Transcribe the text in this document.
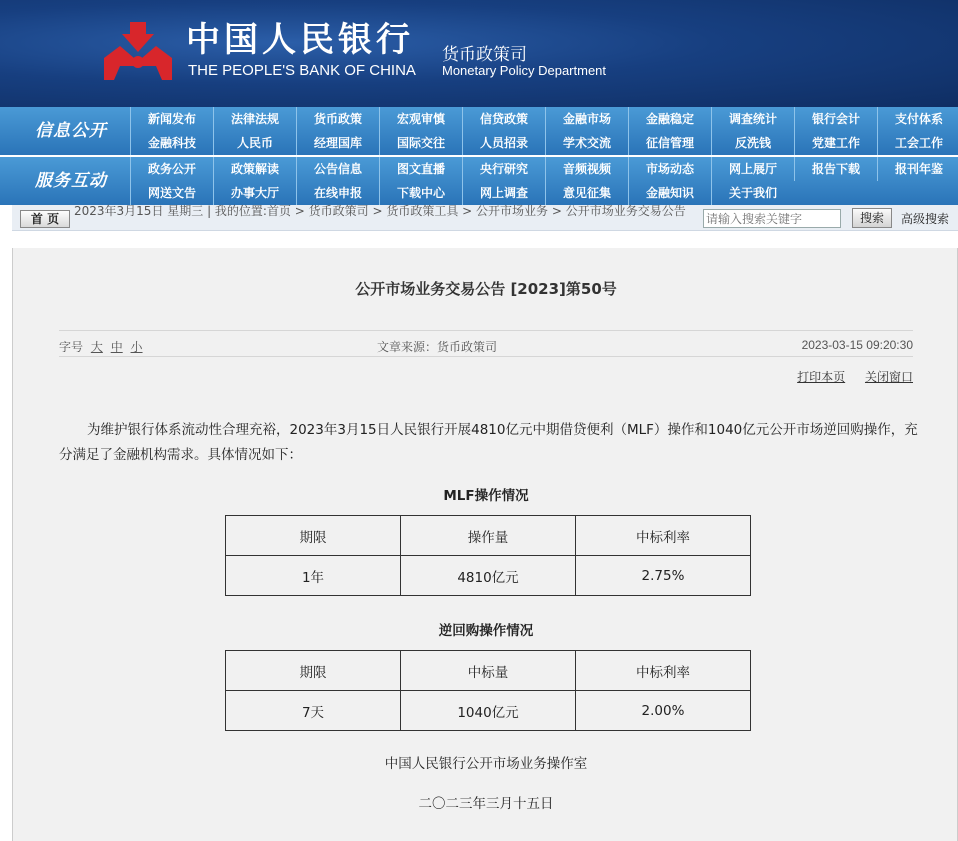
中国人民银行
THE PEOPLE'S BANK OF CHINA
货币政策司
Monetary Policy Department
信息公开
新闻发布	法律法规	货币政策	宏观审慎	信贷政策	金融市场	金融稳定	调查统计	银行会计	支付体系
金融科技	人民币	经理国库	国际交往	人员招录	学术交流	征信管理	反洗钱	党建工作	工会工作
服务互动
政务公开	政策解读	公告信息	图文直播	央行研究	音频视频	市场动态	网上展厅	报告下载	报刊年鉴
网送文告	办事大厅	在线申报	下载中心	网上调查	意见征集	金融知识	关于我们
首 页
2023年3月15日 星期三 | 我的位置:首页 > 货币政策司 > 货币政策工具 > 公开市场业务 > 公开市场业务交易公告
请输入搜索关键字	搜索	高级搜索
公开市场业务交易公告 [2023]第50号
字号 大 中 小	文章来源：货币政策司	2023-03-15 09:20:30
打印本页 关闭窗口
为维护银行体系流动性合理充裕，2023年3月15日人民银行开展4810亿元中期借贷便利（MLF）操作和1040亿元公开市场逆回购操作，充分满足了金融机构需求。具体情况如下：
MLF操作情况
期限	操作量	中标利率
1年	4810亿元	2.75%
逆回购操作情况
期限	中标量	中标利率
7天	1040亿元	2.00%
中国人民银行公开市场业务操作室
二〇二三年三月十五日
